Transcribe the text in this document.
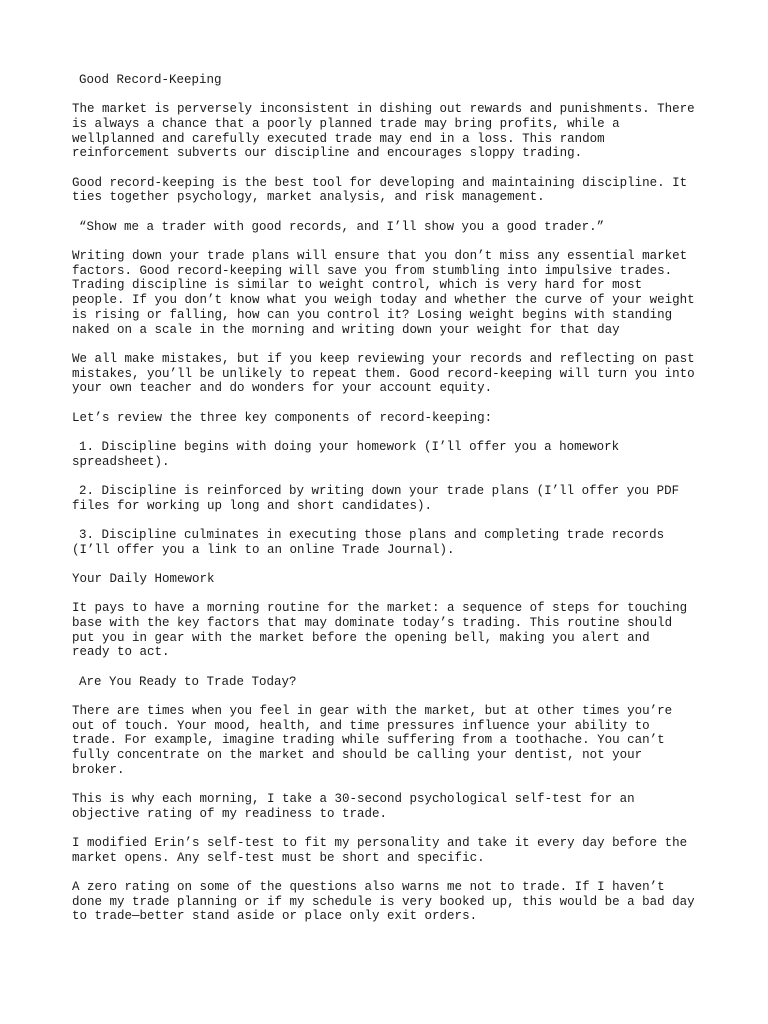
Good Record-Keeping

The market is perversely inconsistent in dishing out rewards and punishments. There
is always a chance that a poorly planned trade may bring profits, while a
wellplanned and carefully executed trade may end in a loss. This random
reinforcement subverts our discipline and encourages sloppy trading.

Good record-keeping is the best tool for developing and maintaining discipline. It
ties together psychology, market analysis, and risk management.

“Show me a trader with good records, and I’ll show you a good trader.”

Writing down your trade plans will ensure that you don’t miss any essential market
factors. Good record-keeping will save you from stumbling into impulsive trades.
Trading discipline is similar to weight control, which is very hard for most
people. If you don’t know what you weigh today and whether the curve of your weight
is rising or falling, how can you control it? Losing weight begins with standing
naked on a scale in the morning and writing down your weight for that day

We all make mistakes, but if you keep reviewing your records and reflecting on past
mistakes, you’ll be unlikely to repeat them. Good record-keeping will turn you into
your own teacher and do wonders for your account equity.

Let’s review the three key components of record-keeping:

1. Discipline begins with doing your homework (I’ll offer you a homework
spreadsheet).

2. Discipline is reinforced by writing down your trade plans (I’ll offer you PDF
files for working up long and short candidates).

3. Discipline culminates in executing those plans and completing trade records
(I’ll offer you a link to an online Trade Journal).

Your Daily Homework

It pays to have a morning routine for the market: a sequence of steps for touching
base with the key factors that may dominate today’s trading. This routine should
put you in gear with the market before the opening bell, making you alert and
ready to act.

Are You Ready to Trade Today?

There are times when you feel in gear with the market, but at other times you’re
out of touch. Your mood, health, and time pressures influence your ability to
trade. For example, imagine trading while suffering from a toothache. You can’t
fully concentrate on the market and should be calling your dentist, not your
broker.

This is why each morning, I take a 30-second psychological self-test for an
objective rating of my readiness to trade.

I modified Erin’s self-test to fit my personality and take it every day before the
market opens. Any self-test must be short and specific.

A zero rating on some of the questions also warns me not to trade. If I haven’t
done my trade planning or if my schedule is very booked up, this would be a bad day
to trade—better stand aside or place only exit orders.
